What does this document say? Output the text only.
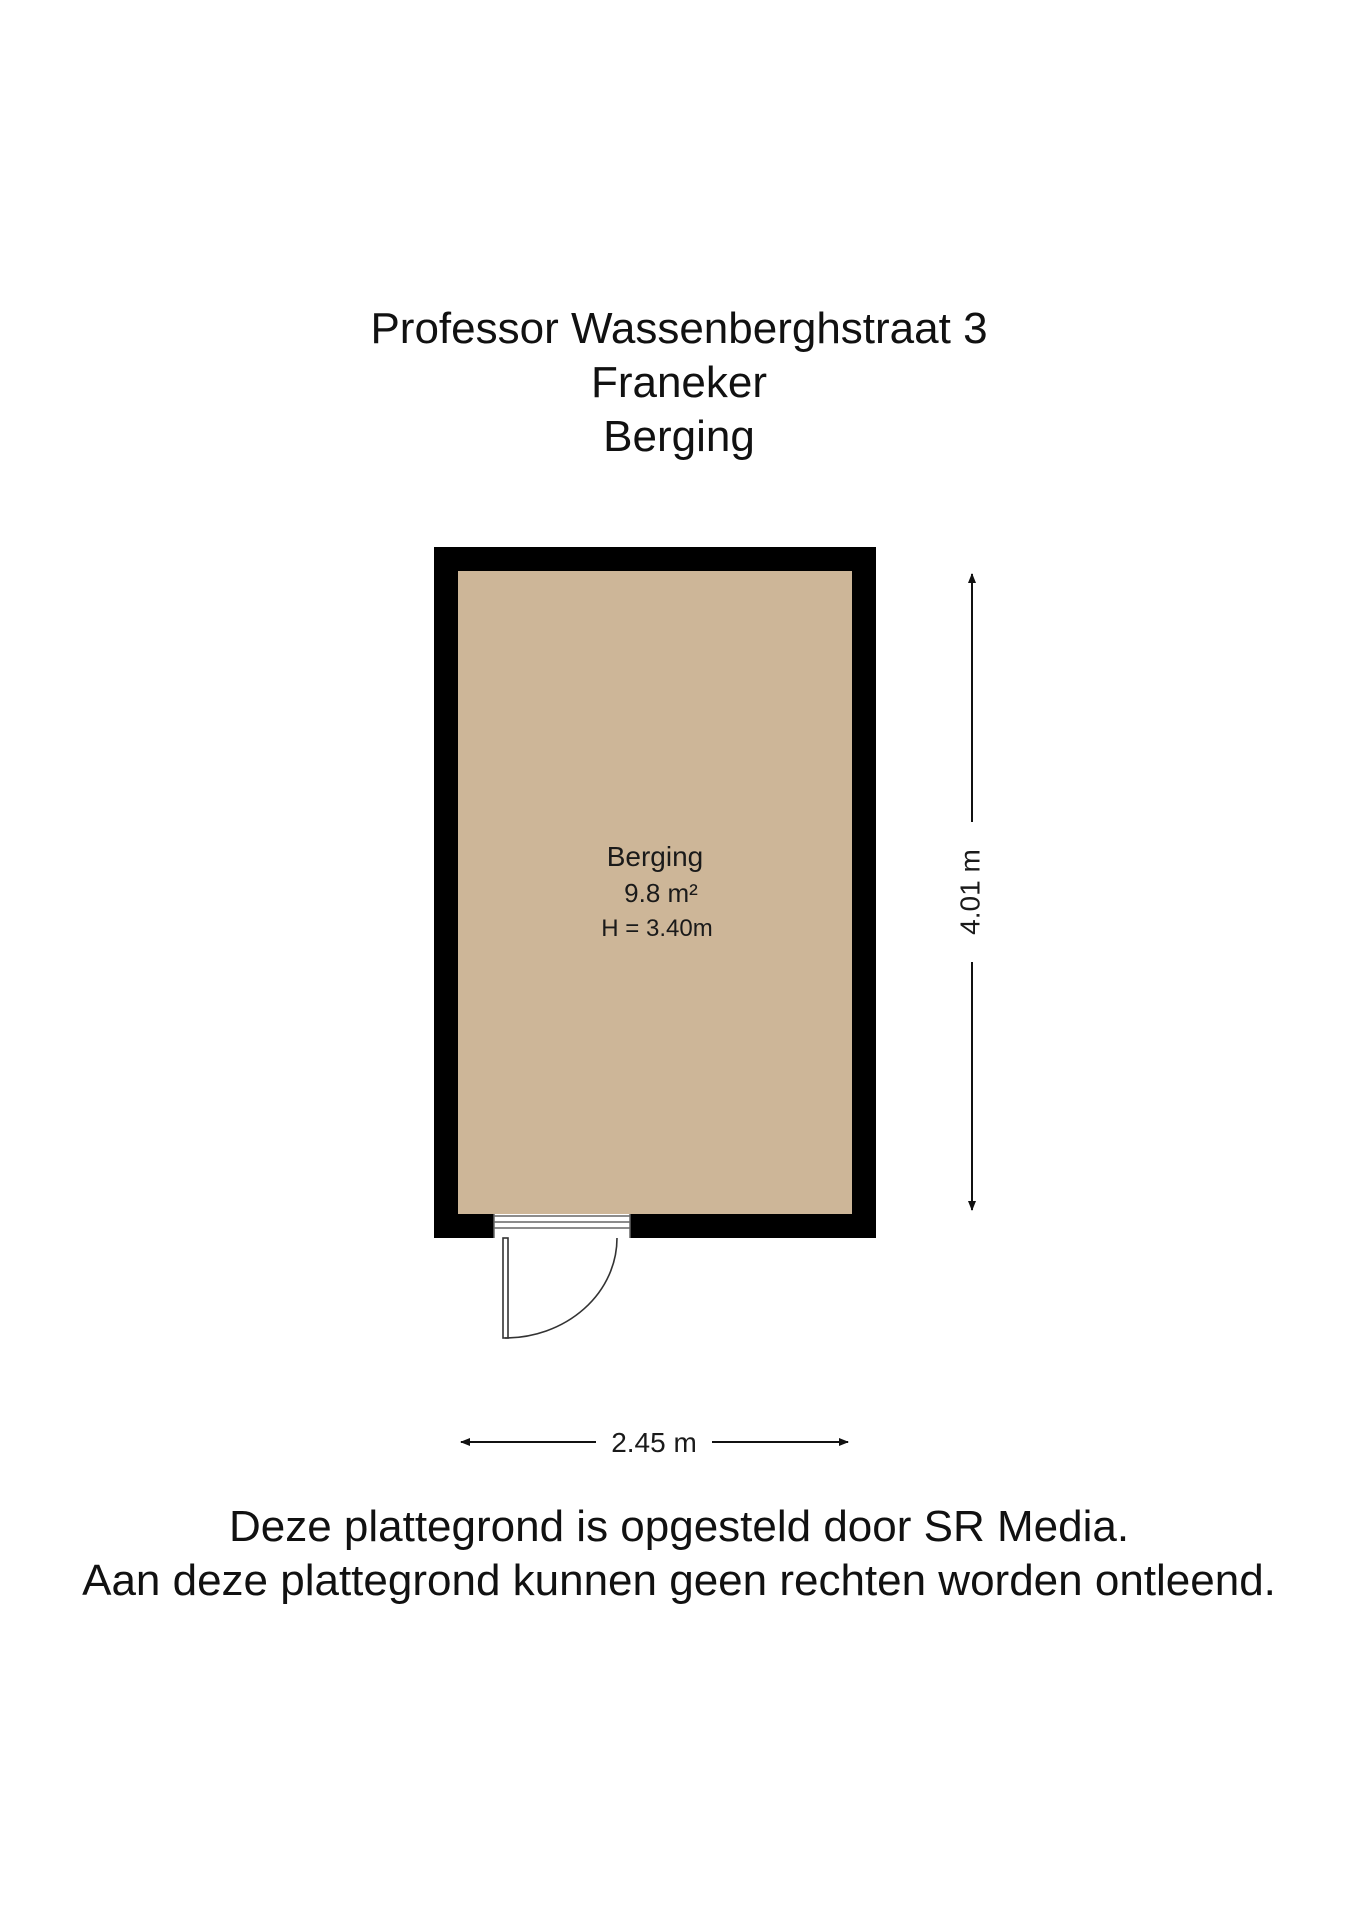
Professor Wassenberghstraat 3
Franeker
Berging
Berging
9.8 m²
H = 3.40m	4.01 m
2.45 m
Deze plattegrond is opgesteld door SR Media.
Aan deze plattegrond kunnen geen rechten worden ontleend.
